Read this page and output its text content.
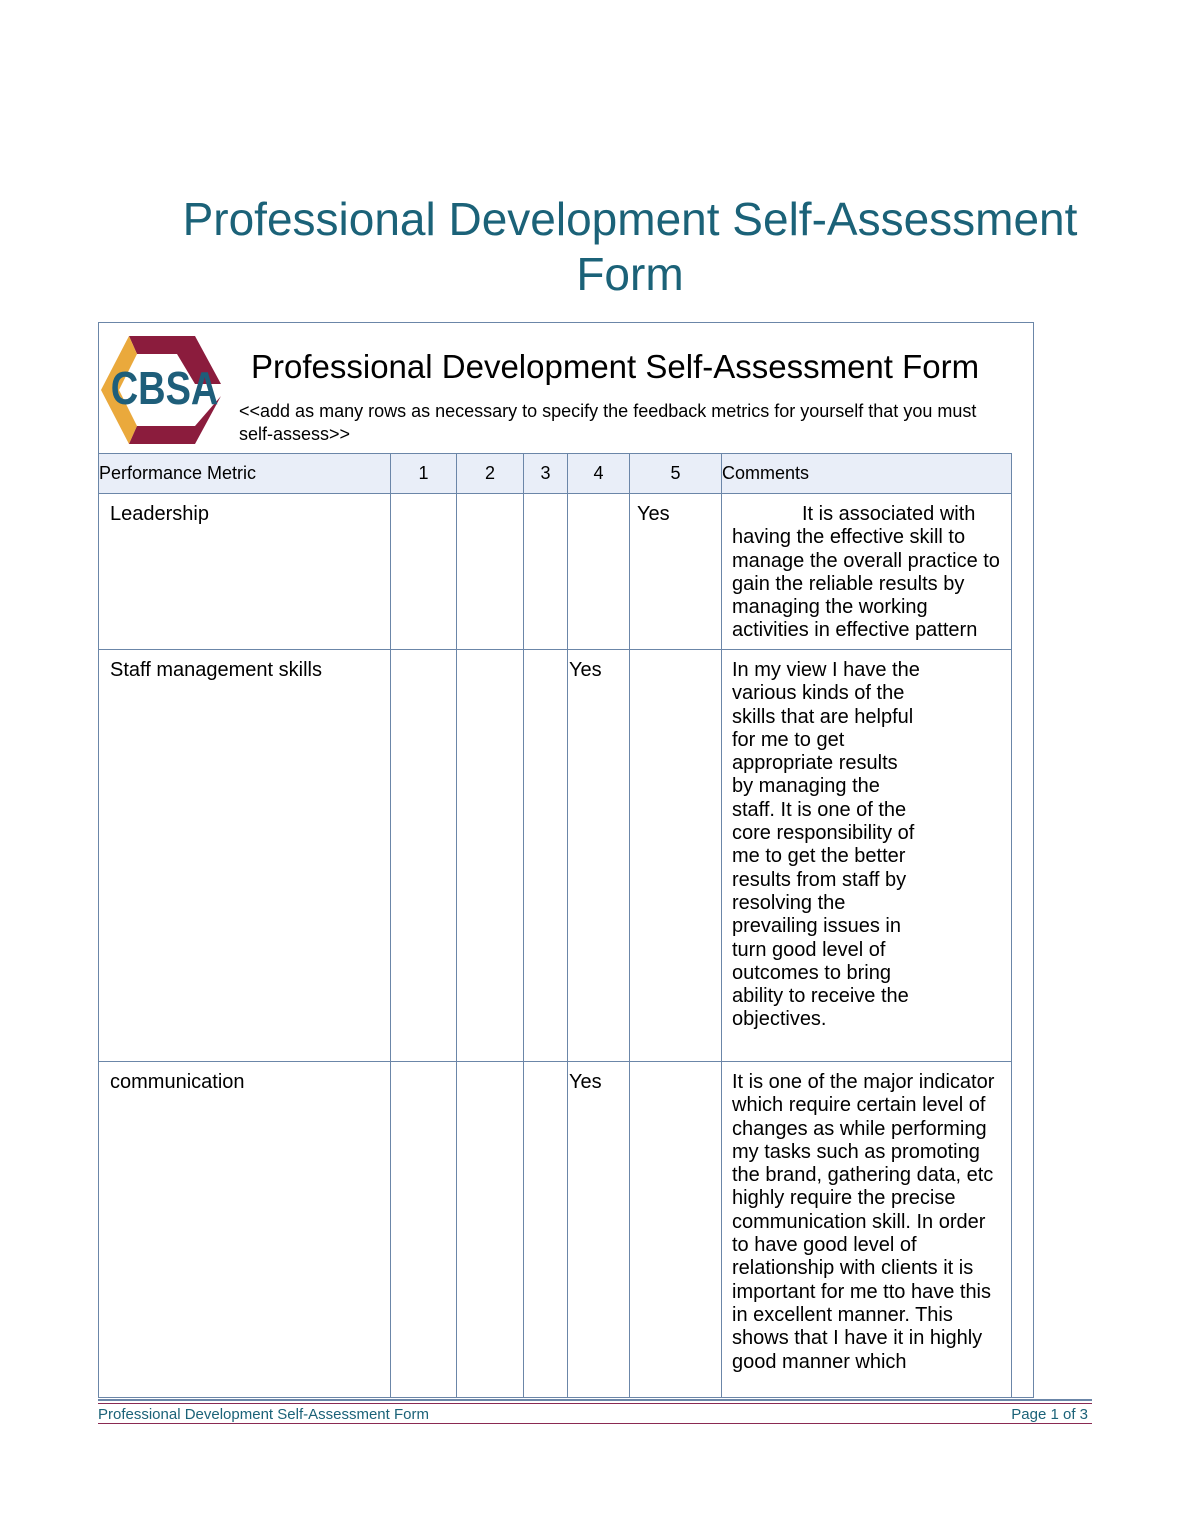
Professional Development Self-Assessment
Form
CBSA Professional Development Self-Assessment Form
<<add as many rows as necessary to specify the feedback metrics for yourself that you must self-assess>>
Performance Metric	1	2	3	4	5	Comments
Leadership					Yes	It is associated with having the effective skill to manage the overall practice to gain the reliable results by managing the working activities in effective pattern
Staff management skills				Yes		In my view I have the various kinds of the skills that are helpful for me to get appropriate results by managing the staff. It is one of the core responsibility of me to get the better results from staff by resolving the prevailing issues in turn good level of outcomes to bring ability to receive the objectives.

communication				Yes		It is one of the major indicator which require certain level of changes as while performing my tasks such as promoting the brand, gathering data, etc highly require the precise communication skill. In order to have good level of relationship with clients it is important for me tto have this in excellent manner. This shows that I have it in highly good manner which
Professional Development Self-Assessment Form	Page 1 of 3
